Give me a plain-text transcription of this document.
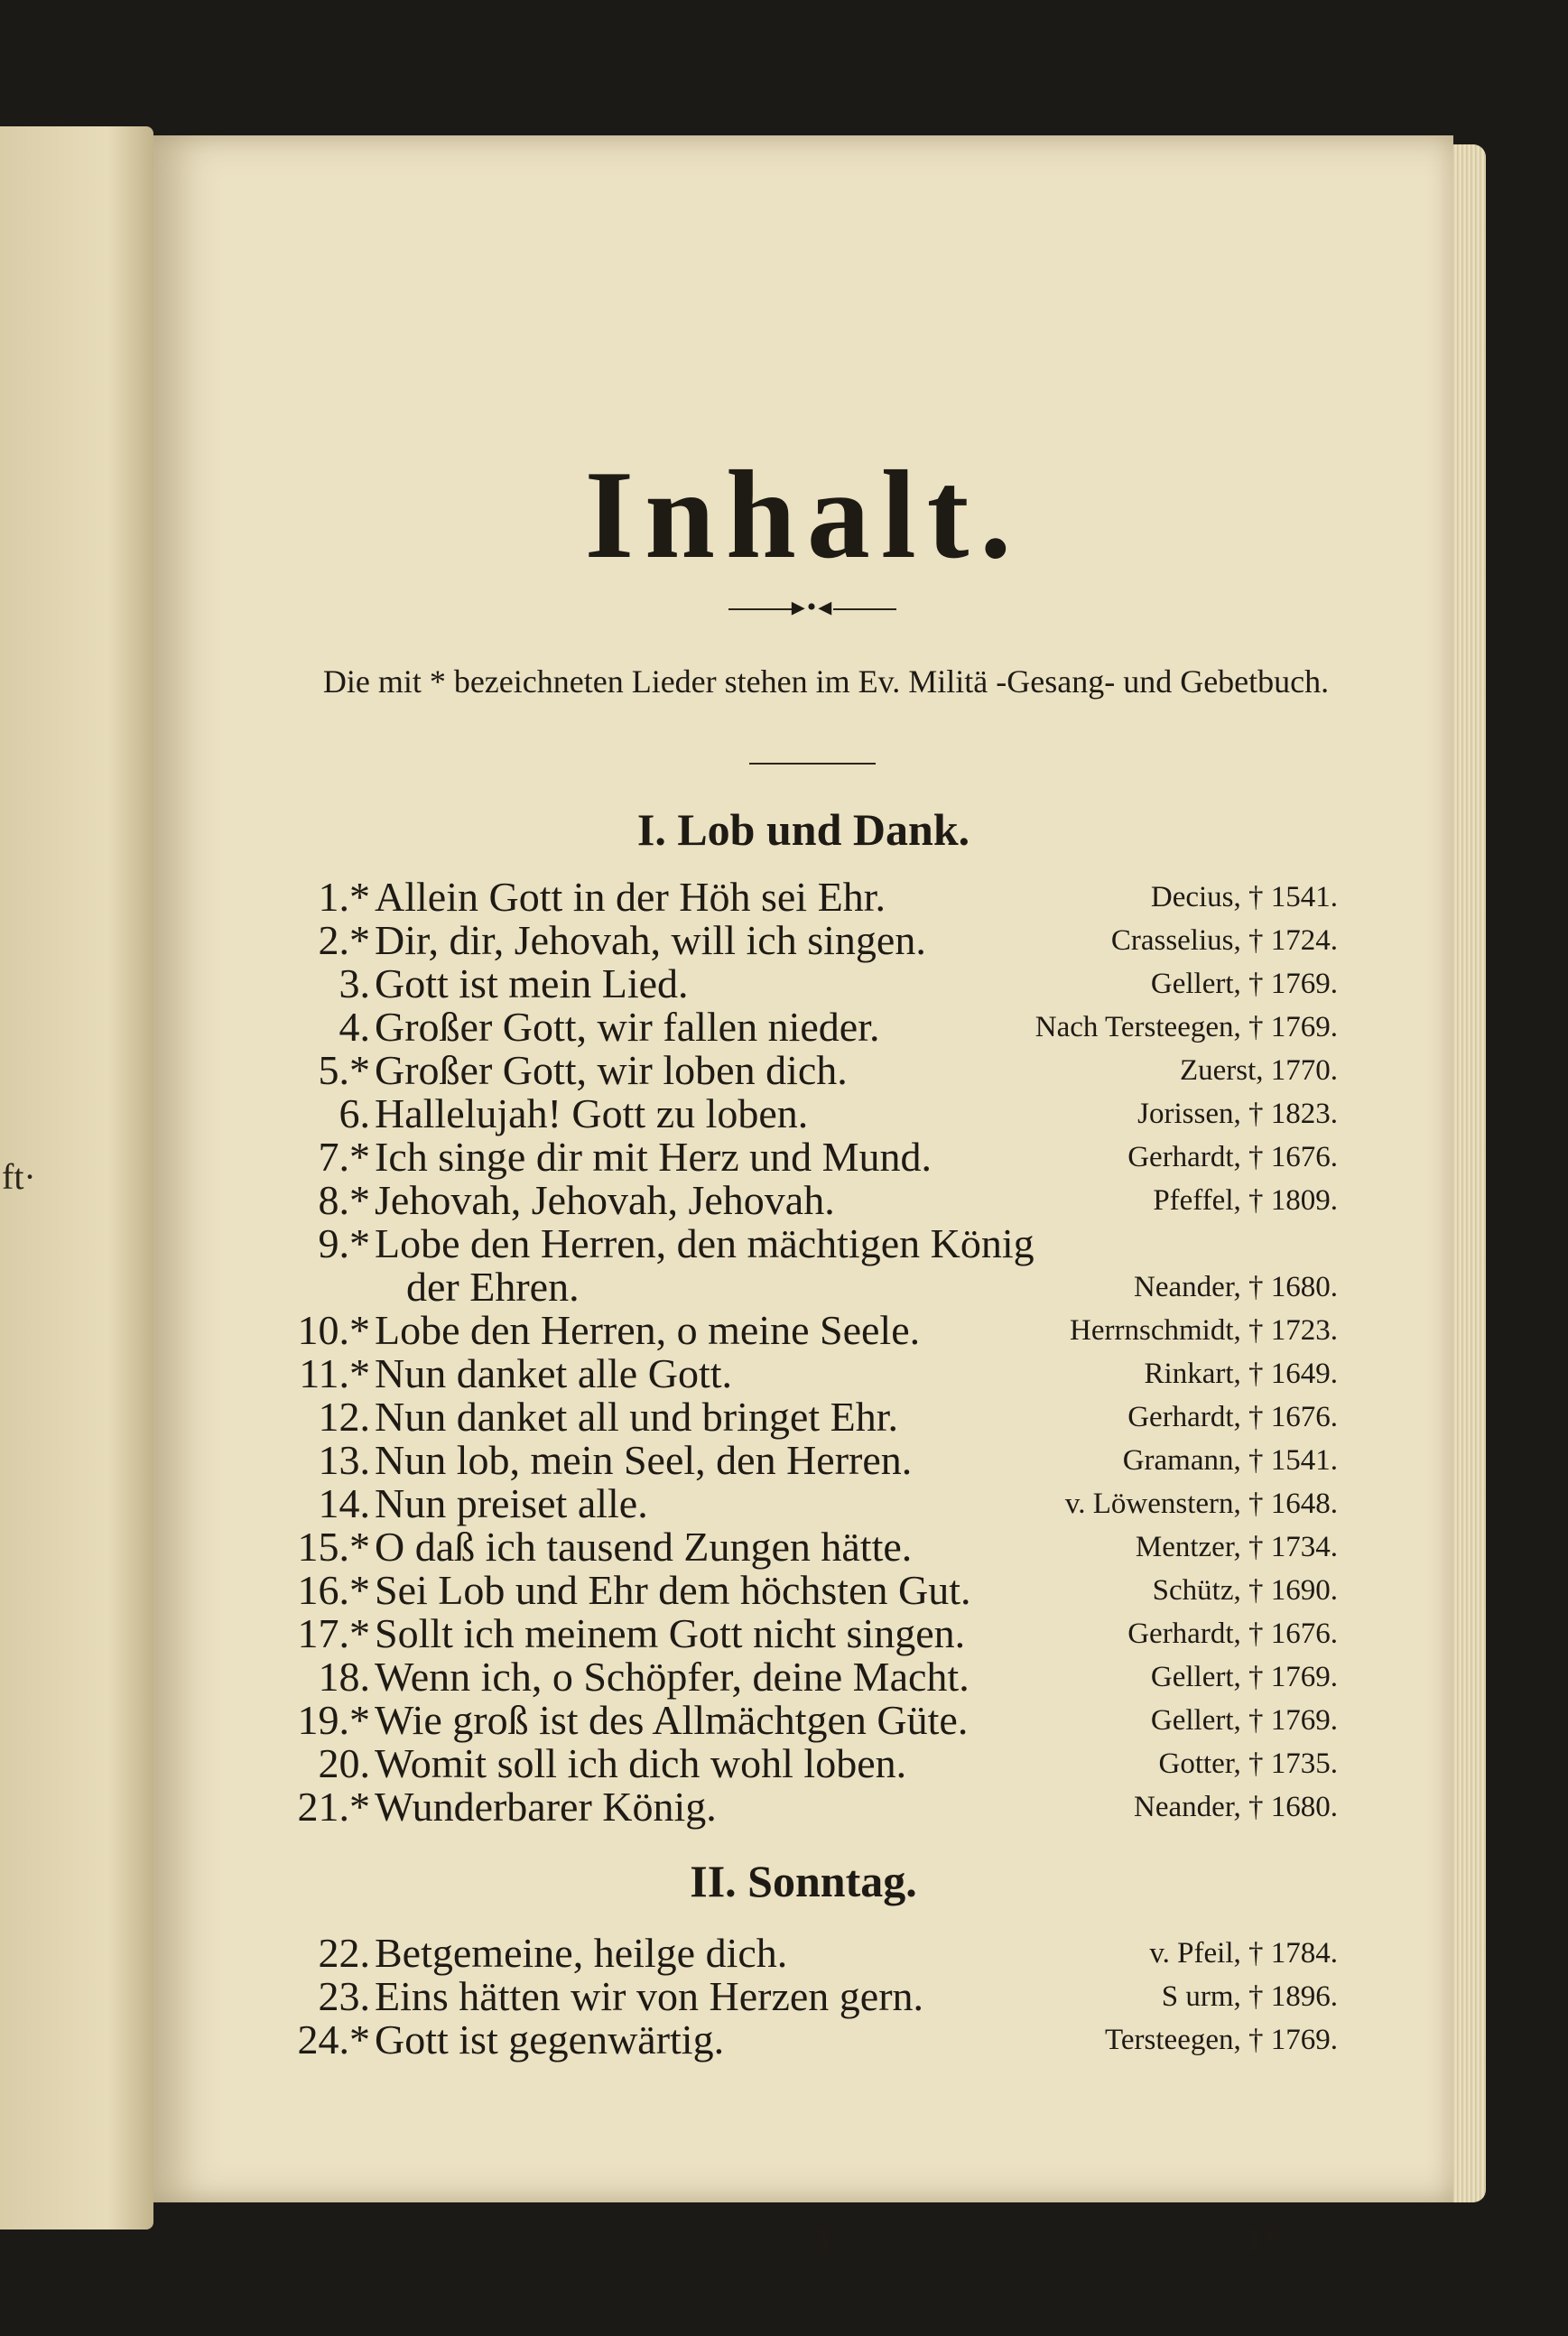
ft·
Inhalt.
▸•◂
Die mit * bezeichneten Lieder stehen im Ev. Militä -Gesang- und Gebetbuch.
I. Lob und Dank.
1.* Allein Gott in der Höh sei Ehr.	Decius, † 1541.
2.* Dir, dir, Jehovah, will ich singen.	Crasselius, † 1724.
3. Gott ist mein Lied.	Gellert, † 1769.
4. Großer Gott, wir fallen nieder.	Nach Tersteegen, † 1769.
5.* Großer Gott, wir loben dich.	Zuerst, 1770.
6. Hallelujah! Gott zu loben.	Jorissen, † 1823.
7.* Ich singe dir mit Herz und Mund.	Gerhardt, † 1676.
8.* Jehovah, Jehovah, Jehovah.	Pfeffel, † 1809.
9.* Lobe den Herren, den mächtigen König
der Ehren.	Neander, † 1680.
10.* Lobe den Herren, o meine Seele.	Herrnschmidt, † 1723.
11.* Nun danket alle Gott.	Rinkart, † 1649.
12. Nun danket all und bringet Ehr.	Gerhardt, † 1676.
13. Nun lob, mein Seel, den Herren.	Gramann, † 1541.
14. Nun preiset alle.	v. Löwenstern, † 1648.
15.* O daß ich tausend Zungen hätte.	Mentzer, † 1734.
16.* Sei Lob und Ehr dem höchsten Gut.	Schütz, † 1690.
17.* Sollt ich meinem Gott nicht singen.	Gerhardt, † 1676.
18. Wenn ich, o Schöpfer, deine Macht.	Gellert, † 1769.
19.* Wie groß ist des Allmächtgen Güte.	Gellert, † 1769.
20. Womit soll ich dich wohl loben.	Gotter, † 1735.
21.* Wunderbarer König.	Neander, † 1680.
II. Sonntag.
22. Betgemeine, heilge dich.	v. Pfeil, † 1784.
23. Eins hätten wir von Herzen gern.	S urm, † 1896.
24.* Gott ist gegenwärtig.	Tersteegen, † 1769.
3	1*
